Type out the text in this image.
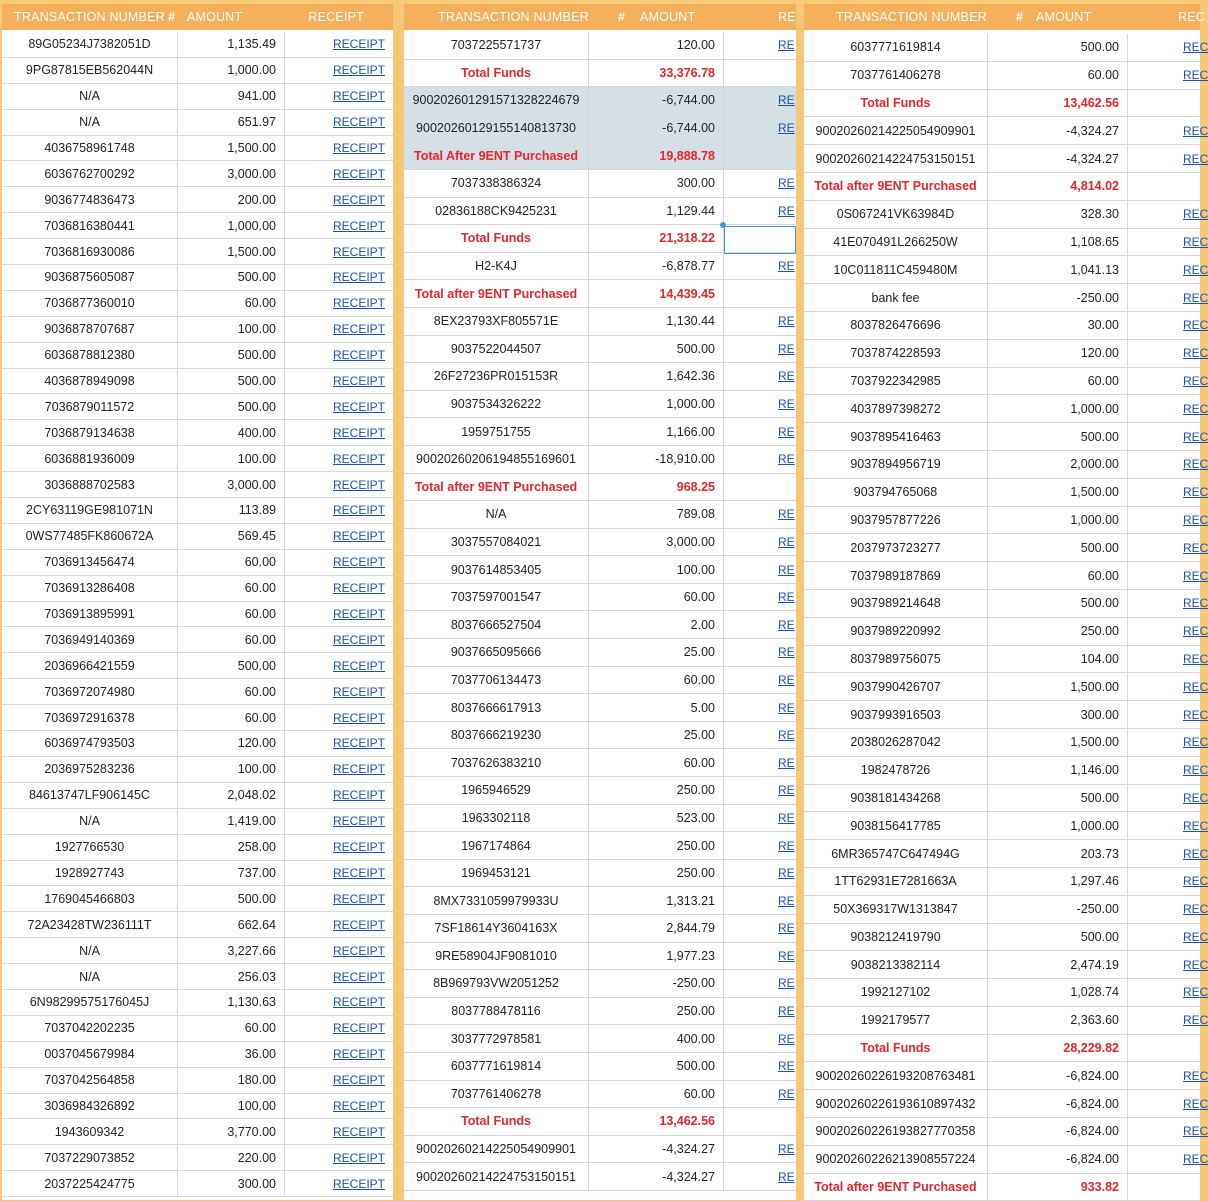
TRANSACTION NUMBER # AMOUNT	RECEIPT
89G05234J7382051D	1,135.49	RECEIPT
9PG87815EB562044N	1,000.00	RECEIPT
N/A	941.00	RECEIPT
N/A	651.97	RECEIPT
4036758961748	1,500.00	RECEIPT
6036762700292	3,000.00	RECEIPT
9036774836473	200.00	RECEIPT
7036816380441	1,000.00	RECEIPT
7036816930086	1,500.00	RECEIPT
9036875605087	500.00	RECEIPT
7036877360010	60.00	RECEIPT
9036878707687	100.00	RECEIPT
6036878812380	500.00	RECEIPT
4036878949098	500.00	RECEIPT
7036879011572	500.00	RECEIPT
7036879134638	400.00	RECEIPT
6036881936009	100.00	RECEIPT
3036888702583	3,000.00	RECEIPT
2CY63119GE981071N	113.89	RECEIPT
0WS77485FK860672A	569.45	RECEIPT
7036913456474	60.00	RECEIPT
7036913286408	60.00	RECEIPT
7036913895991	60.00	RECEIPT
7036949140369	60.00	RECEIPT
2036966421559	500.00	RECEIPT
7036972074980	60.00	RECEIPT
7036972916378	60.00	RECEIPT
6036974793503	120.00	RECEIPT
2036975283236	100.00	RECEIPT
84613747LF906145C	2,048.02	RECEIPT
N/A	1,419.00	RECEIPT
1927766530	258.00	RECEIPT
1928927743	737.00	RECEIPT
1769045466803	500.00	RECEIPT
72A23428TW236111T	662.64	RECEIPT
N/A	3,227.66	RECEIPT
N/A	256.03	RECEIPT
6N98299575176045J	1,130.63	RECEIPT
7037042202235	60.00	RECEIPT
0037045679984	36.00	RECEIPT
7037042564858	180.00	RECEIPT
3036984326892	100.00	RECEIPT
1943609342	3,770.00	RECEIPT
7037229073852	220.00	RECEIPT
2037225424775	300.00	RECEIPT
TRANSACTION NUMBER	#	AMOUNT	RE
7037225571737	120.00	RE
Total Funds	33,376.78
90020260129157132822​4679	-6,744.00	RE
90020260129155140813730	-6,744.00	RE
Total After 9ENT Purchased	19,888.78
7037338386324	300.00	RE
02836188CK9425231	1,129.44	RE
Total Funds	21,318.22
H2-K4J	-6,878.77	RE
Total after 9ENT Purchased	14,439.45
8EX23793XF805571E	1,130.44	RE
9037522044507	500.00	RE
26F27236PR015153R	1,642.36	RE
9037534326222	1,000.00	RE
1959751755	1,166.00	RE
90020260206194855169601	-18,910.00	RE
Total after 9ENT Purchased	968.25
N/A	789.08	RE
3037557084021	3,000.00	RE
9037614853405	100.00	RE
7037597001547	60.00	RE
8037666527504	2.00	RE
9037665095666	25.00	RE
7037706134473	60.00	RE
8037666617913	5.00	RE
8037666219230	25.00	RE
7037626383210	60.00	RE
1965946529	250.00	RE
1963302118	523.00	RE
1967174864	250.00	RE
1969453121	250.00	RE
8MX7331059979933U	1,313.21	RE
7SF18614Y3604163X	2,844.79	RE
9RE58904JF9081010	1,977.23	RE
8B969793VW2051252	-250.00	RE
8037788478116	250.00	RE
3037772978581	400.00	RE
6037771619814	500.00	RE
7037761406278	60.00	RE
Total Funds	13,462.56
90020260214225054909901	-4,324.27	RE
90020260214224753150151	-4,324.27	RE
TRANSACTION NUMBER	#	AMOUNT	REC
6037771619814	500.00	REC
7037761406278	60.00	REC
Total Funds	13,462.56
90020260214225054909901	-4,324.27	REC
90020260214224753150151	-4,324.27	REC
Total after 9ENT Purchased	4,814.02
0S067241VK63984D	328.30	REC
41E070491L266250W	1,108.65	REC
10C011811C459480M	1,041.13	REC
bank fee	-250.00	REC
8037826476696	30.00	REC
7037874228593	120.00	REC
7037922342985	60.00	REC
4037897398272	1,000.00	REC
9037895416463	500.00	REC
9037894956719	2,000.00	REC
903794765068	1,500.00	REC
9037957877226	1,000.00	REC
2037973723277	500.00	REC
7037989187869	60.00	REC
9037989214648	500.00	REC
9037989220992	250.00	REC
8037989756075	104.00	REC
9037990426707	1,500.00	REC
9037993916503	300.00	REC
2038026287042	1,500.00	REC
1982478726	1,146.00	REC
9038181434268	500.00	REC
9038156417785	1,000.00	REC
6MR365747C647494G	203.73	REC
1TT62931E7281663A	1,297.46	REC
50X369317W1313847	-250.00	REC
9038212419790	500.00	REC
9038213382114	2,474.19	REC
1992127102	1,028.74	REC
1992179577	2,363.60	REC
Total Funds	28,229.82
90020260226193208763481	-6,824.00	REC
90020260226193610897432	-6,824.00	REC
90020260226193827770358	-6,824.00	REC
90020260226213908557224	-6,824.00	REC
Total after 9ENT Purchased	933.82
